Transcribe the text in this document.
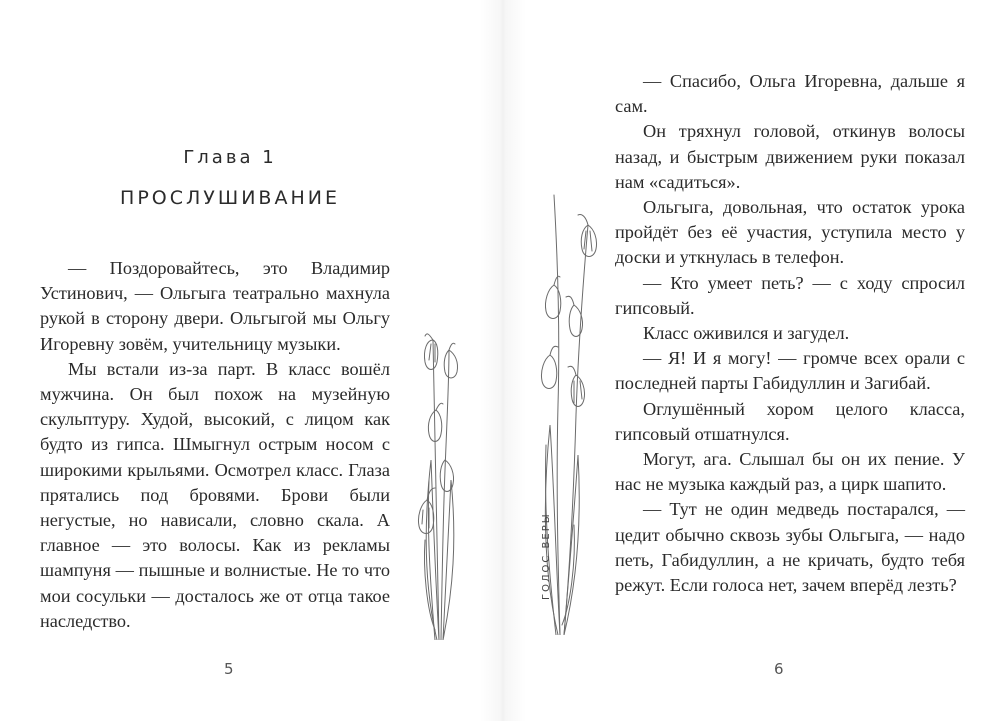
Глава 1
ПРОСЛУШИВАНИЕ

— Поздоровайтесь, это Владимир Устинович, — Ольгыга театрально махнула рукой в сторону двери. Ольгыгой мы Ольгу Игоревну зовём, учительницу музыки.

Мы встали из-за парт. В класс вошёл мужчина. Он был похож на музейную скульптуру. Худой, высокий, с лицом как будто из гипса. Шмыгнул острым носом с широкими крыльями. Осмотрел класс. Глаза прятались под бровями. Брови были негустые, но нависали, словно скала. А главное — это волосы. Как из рекламы шампуня — пышные и волнистые. Не то что мои сосульки — досталось же от отца такое наследство.

5

— Спасибо, Ольга Игоревна, дальше я сам.

Он тряхнул головой, откинув волосы назад, и быстрым движением руки показал нам «садиться».

Ольгыга, довольная, что остаток урока пройдёт без её участия, уступила место у доски и уткнулась в телефон.

— Кто умеет петь? — с ходу спросил гипсовый.

Класс оживился и загудел.

— Я! И я могу! — громче всех орали с последней парты Габидуллин и Загибай.

Оглушённый хором целого класса, гипсовый отшатнулся.

Могут, ага. Слышал бы он их пение. У нас не музыка каждый раз, а цирк шапито.

— Тут не один медведь постарался, — цедит обычно сквозь зубы Ольгыга, — надо петь, Габидуллин, а не кричать, будто тебя режут. Если голоса нет, зачем вперёд лезть?

ГОЛОС ВЕРЫ
6
